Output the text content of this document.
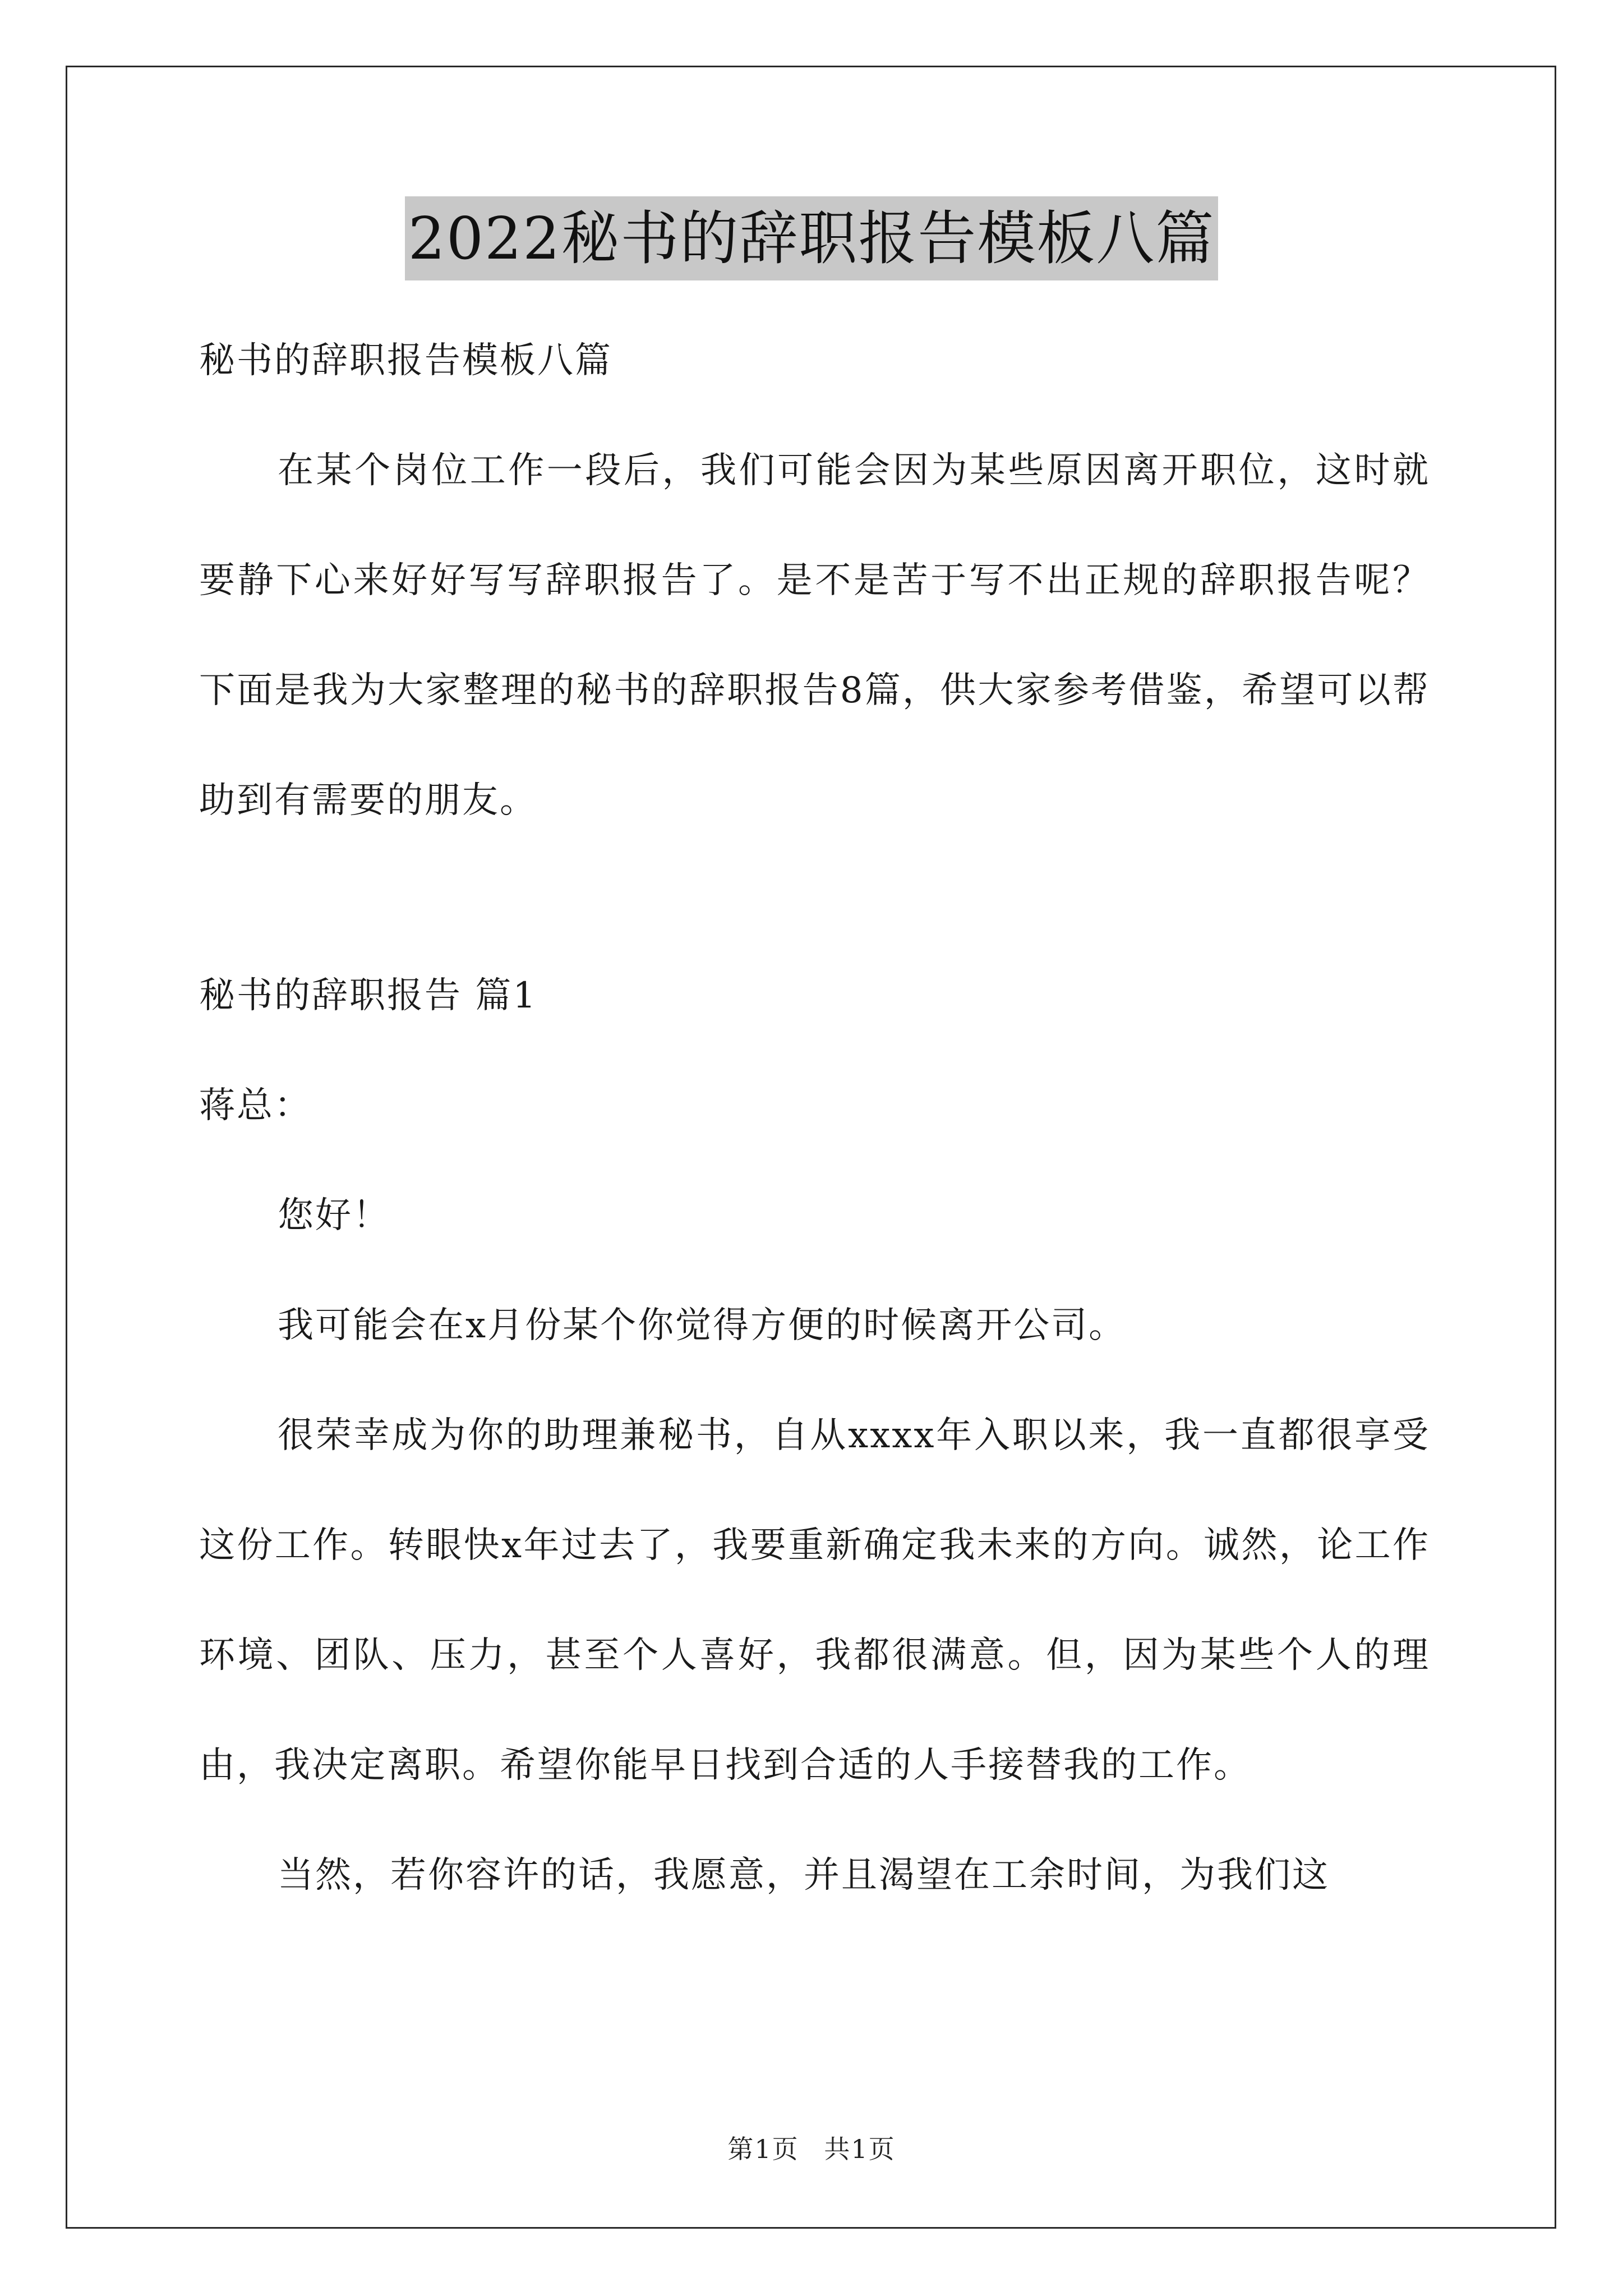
2022秘书的辞职报告模板八篇
秘书的辞职报告模板八篇

在某个岗位工作一段后，我们可能会因为某些原因离开职位，这时就要静下心来好好写写辞职报告了。是不是苦于写不出正规的辞职报告呢？下面是我为大家整理的秘书的辞职报告8篇，供大家参考借鉴，希望可以帮助到有需要的朋友。

秘书的辞职报告 篇1
蒋总：
您好！

我可能会在x月份某个你觉得方便的时候离开公司。

很荣幸成为你的助理兼秘书，自从xxxx年入职以来，我一直都很享受这份工作。转眼快x年过去了，我要重新确定我未来的方向。诚然，论工作环境、团队、压力，甚至个人喜好，我都很满意。但，因为某些个人的理由，我决定离职。希望你能早日找到合适的人手接替我的工作。

当然，若你容许的话，我愿意，并且渴望在工余时间，为我们这

第1页 共1页
